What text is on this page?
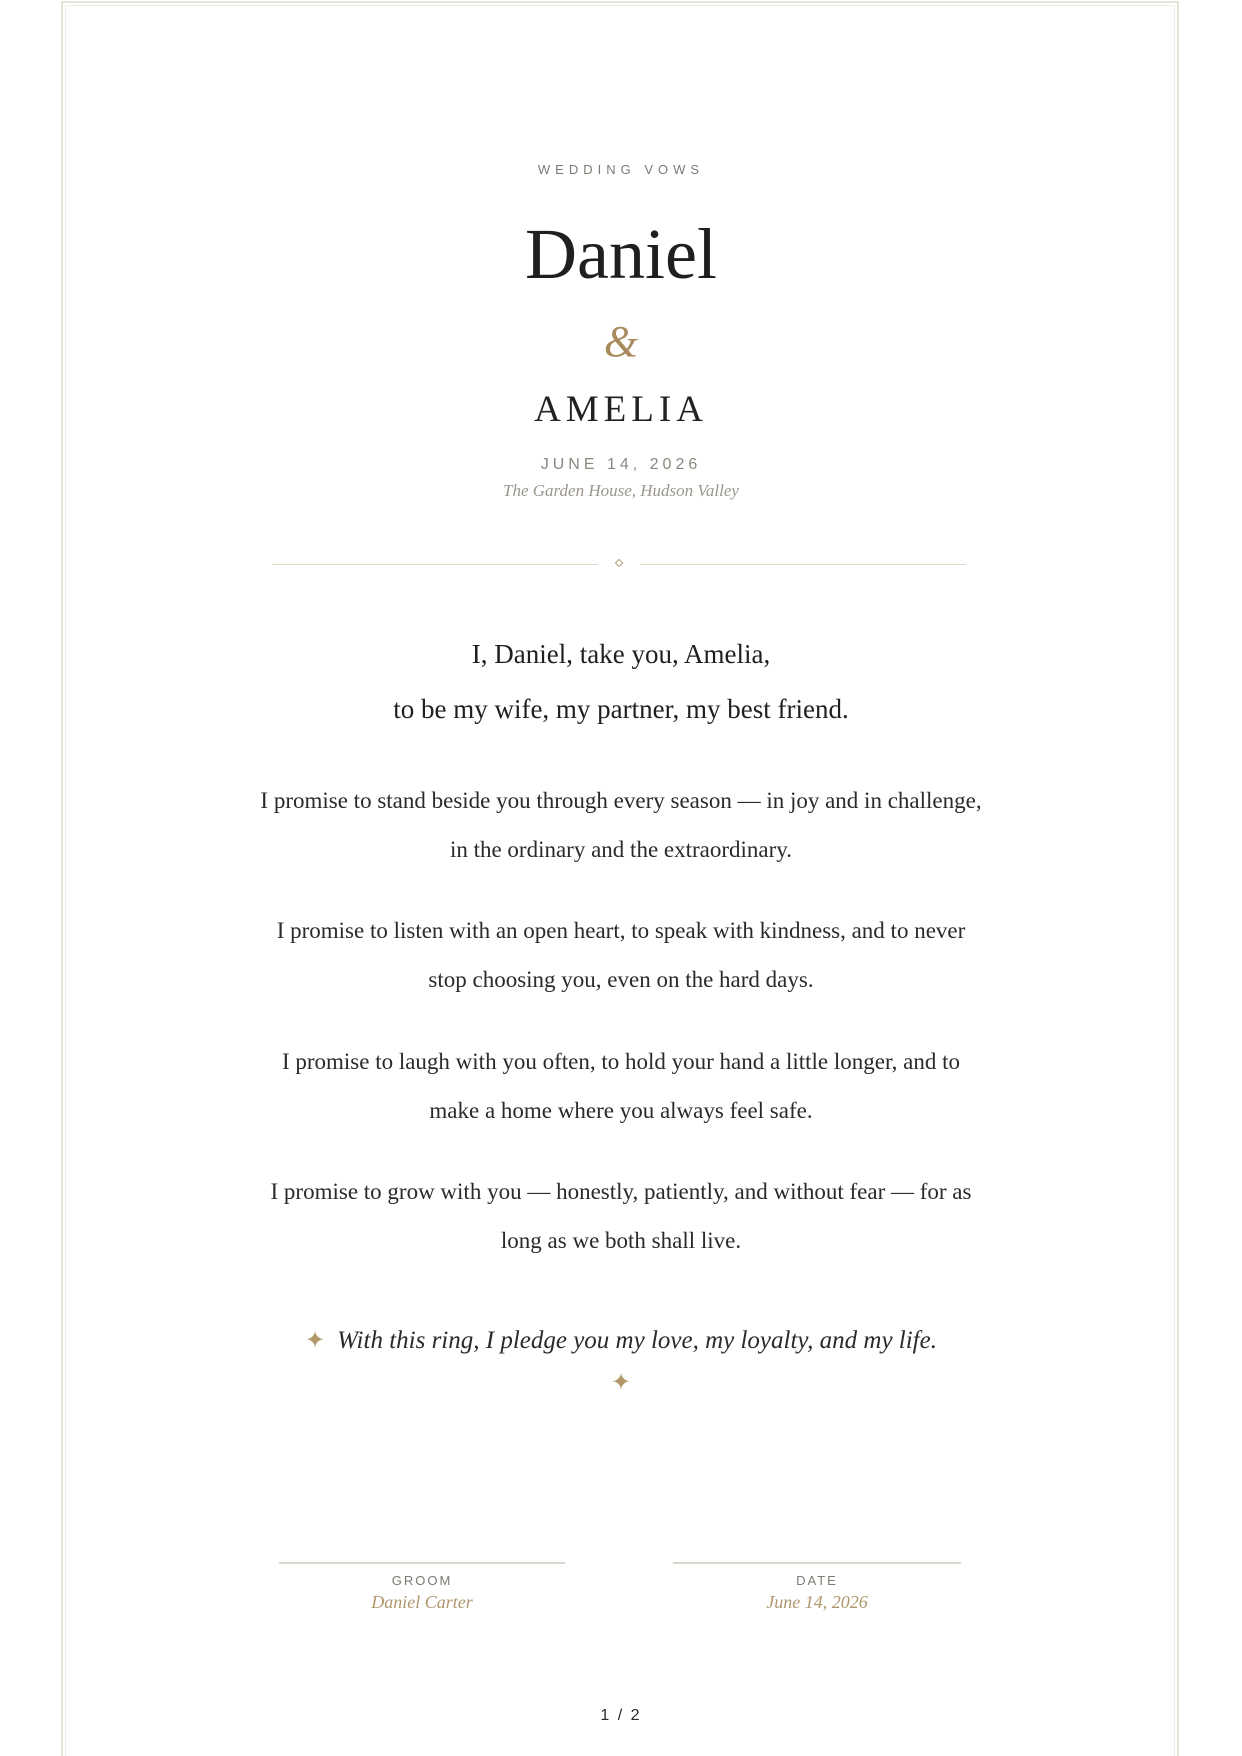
WEDDING VOWS
Daniel
&
AMELIA
JUNE 14, 2026
The Garden House, Hudson Valley
I, Daniel, take you, Amelia,
to be my wife, my partner, my best friend.
I promise to stand beside you through every season — in joy and in challenge, in the ordinary and the extraordinary.
I promise to listen with an open heart, to speak with kindness, and to never stop choosing you, even on the hard days.
I promise to laugh with you often, to hold your hand a little longer, and to make a home where you always feel safe.
I promise to grow with you — honestly, patiently, and without fear — for as long as we both shall live.
✦ With this ring, I pledge you my love, my loyalty, and my life.
✦
GROOM
Daniel Carter
DATE
June 14, 2026
1 / 2
